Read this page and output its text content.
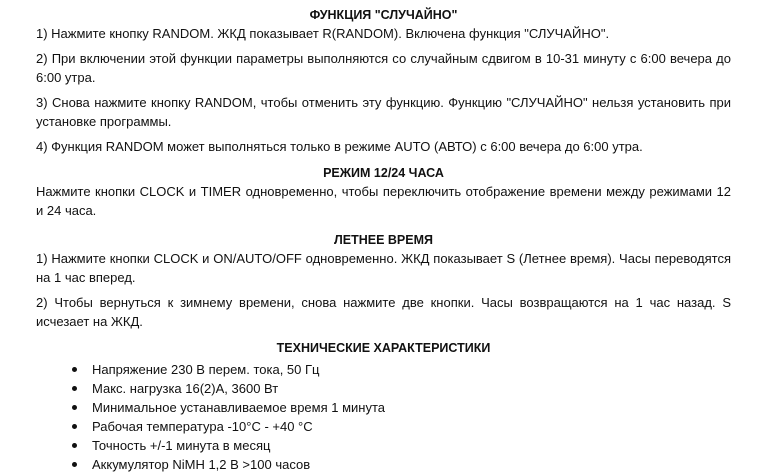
ФУНКЦИЯ "СЛУЧАЙНО"

1) Нажмите кнопку RANDOM. ЖКД показывает R(RANDOM). Включена функция "СЛУЧАЙНО".

2) При включении этой функции параметры выполняются со случайным сдвигом в 10-31 минуту с 6:00 вечера до 6:00 утра.

3) Снова нажмите кнопку RANDOM, чтобы отменить эту функцию. Функцию "СЛУЧАЙНО" нельзя установить при установке программы.

4) Функция RANDOM может выполняться только в режиме AUTO (АВТО) с 6:00 вечера до 6:00 утра.

РЕЖИМ 12/24 ЧАСА

Нажмите кнопки CLOCK и TIMER одновременно, чтобы переключить отображение времени между режимами 12 и 24 часа.

ЛЕТНЕЕ ВРЕМЯ

1) Нажмите кнопки CLOCK и ON/AUTO/OFF одновременно. ЖКД показывает S (Летнее время). Часы переводятся на 1 час вперед.

2) Чтобы вернуться к зимнему времени, снова нажмите две кнопки. Часы возвращаются на 1 час назад. S исчезает на ЖКД.

ТЕХНИЧЕСКИЕ ХАРАКТЕРИСТИКИ
Напряжение 230 В перем. тока, 50 Гц
Макс. нагрузка 16(2)А, 3600 Вт
Минимальное устанавливаемое время 1 минута
Рабочая температура -10°С - +40 °С
Точность +/-1 минута в месяц
Аккумулятор NiMH 1,2 В >100 часов
